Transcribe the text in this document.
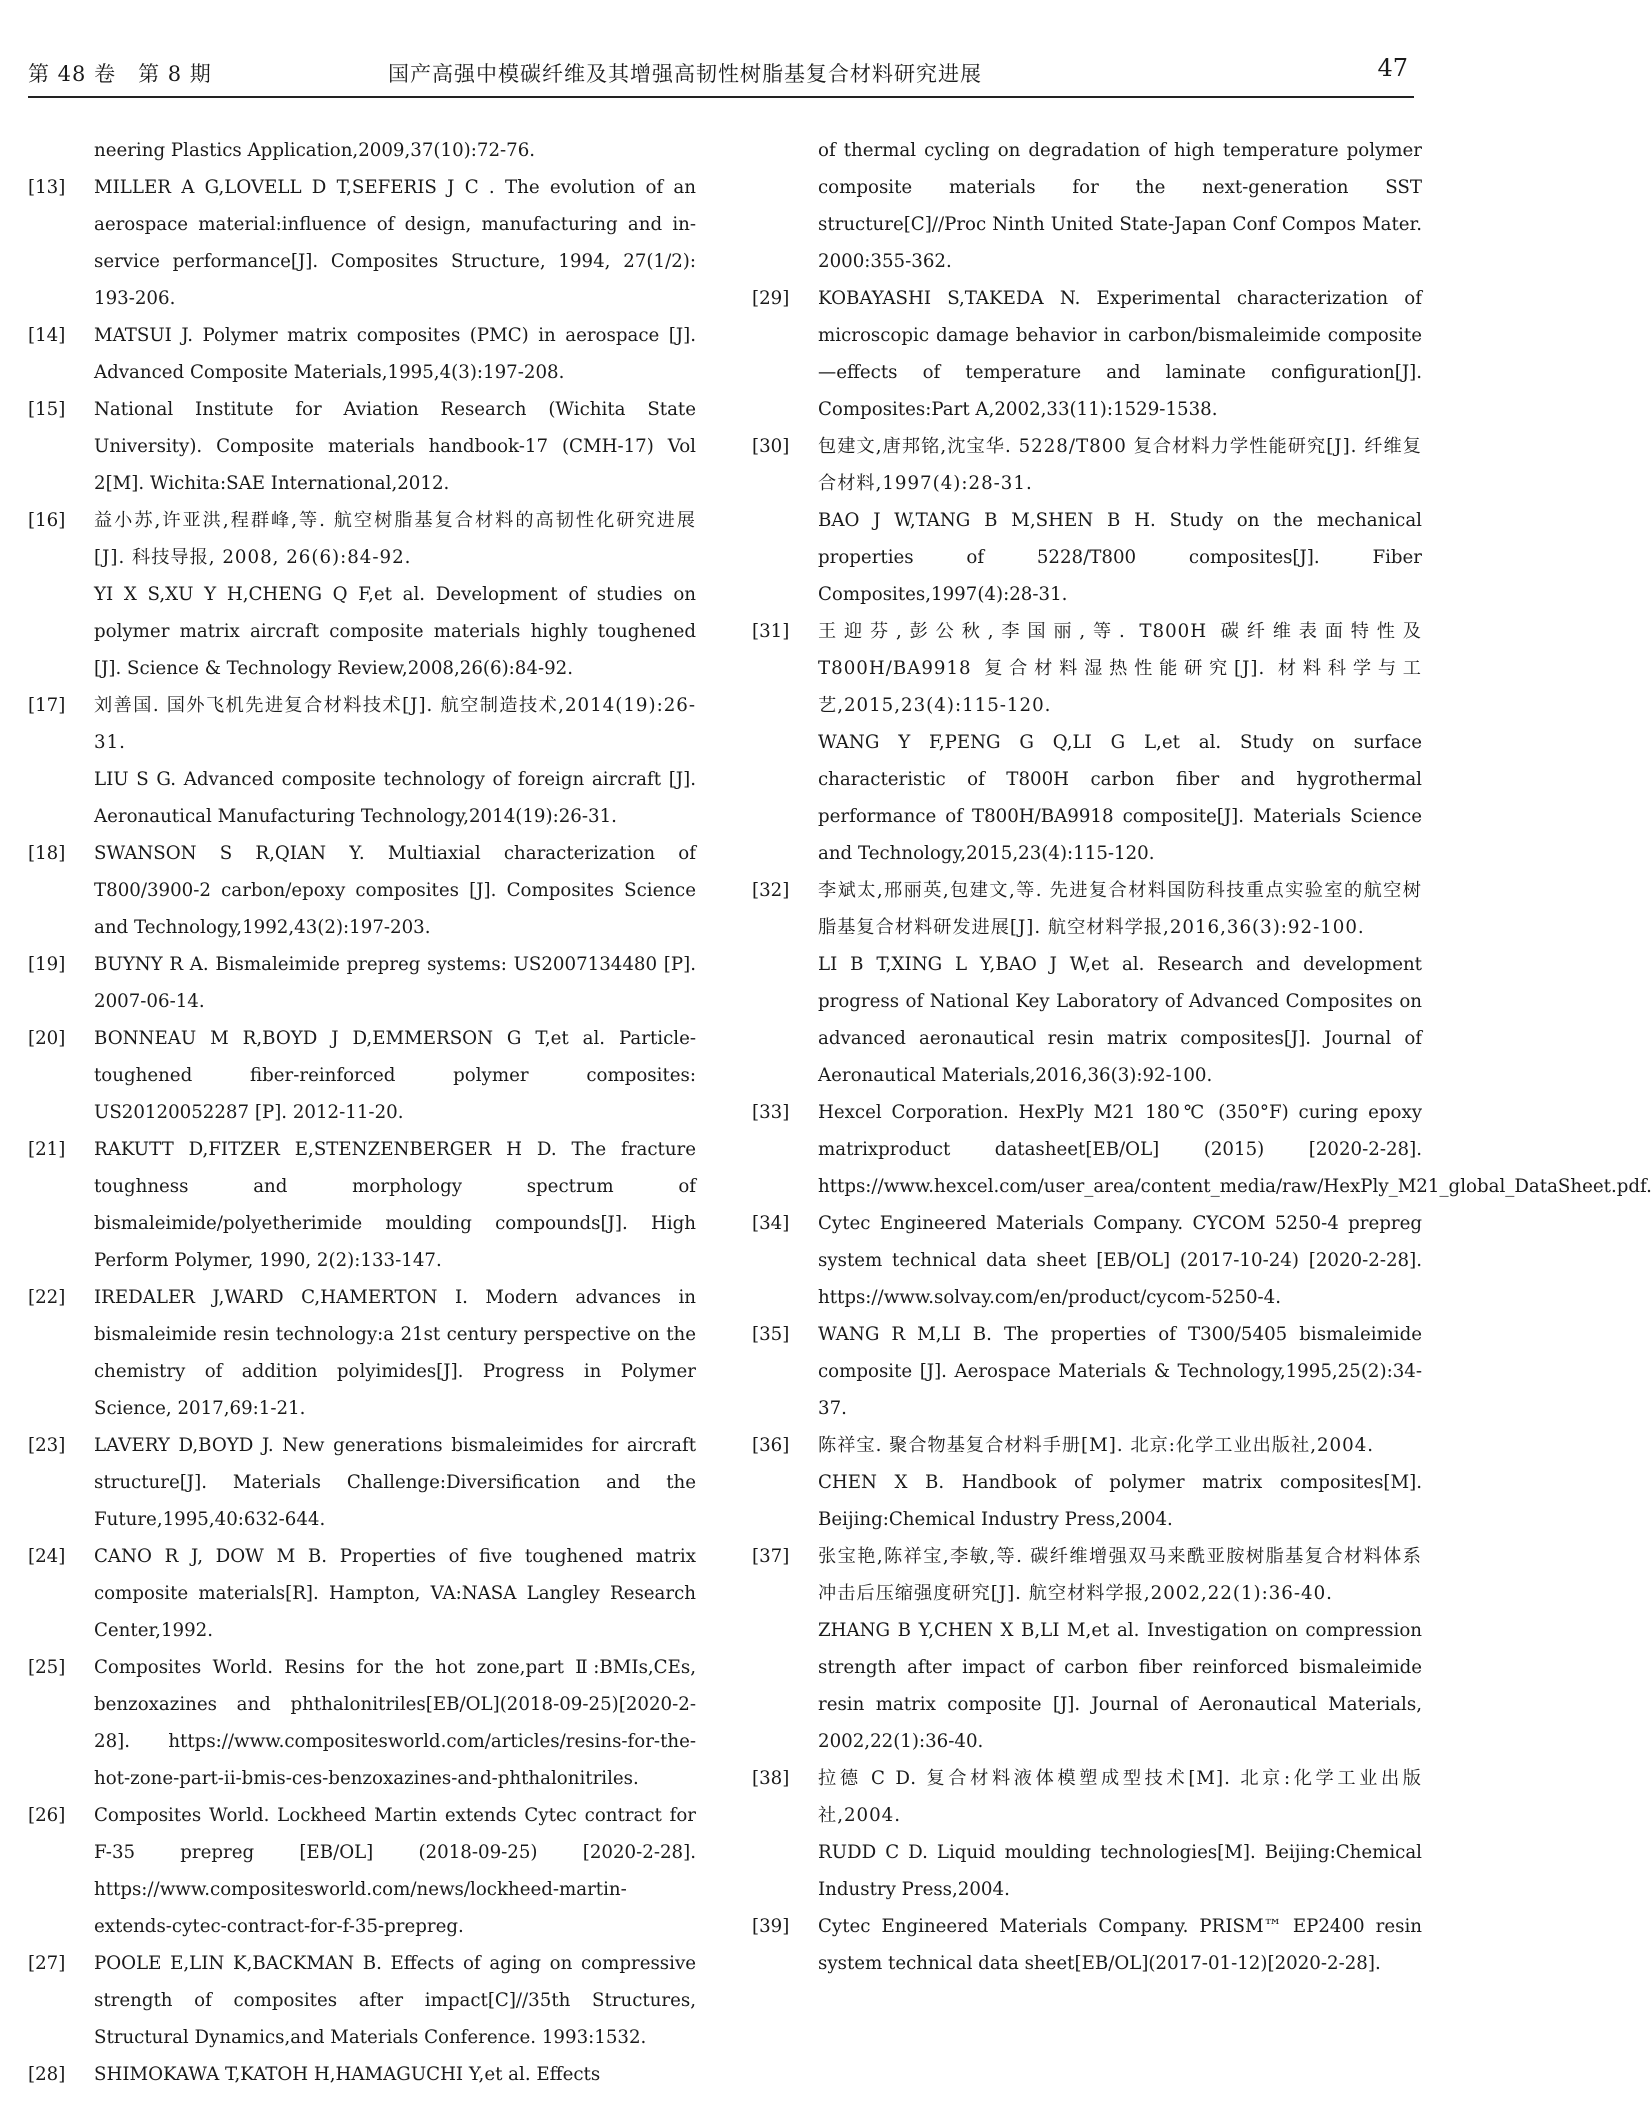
第 48 卷　第 8 期	国产高强中模碳纤维及其增强高韧性树脂基复合材料研究进展	47
neering Plastics Application,2009,37(10):72-76.
[13]	MILLER A G,LOVELL D T,SEFERIS J C . The evolution of an aerospace material:influence of design, manufacturing and in-service performance[J]. Composites Structure, 1994, 27(1/2): 193-206.
[14]	MATSUI J. Polymer matrix composites (PMC) in aerospace [J]. Advanced Composite Materials,1995,4(3):197-208.
[15]	National Institute for Aviation Research (Wichita State University). Composite materials handbook-17 (CMH-17) Vol 2[M]. Wichita:SAE International,2012.
[16]	益小苏,许亚洪,程群峰,等. 航空树脂基复合材料的高韧性化研究进展[J]. 科技导报, 2008, 26(6):84-92.
YI X S,XU Y H,CHENG Q F,et al. Development of studies on polymer matrix aircraft composite materials highly toughened [J]. Science & Technology Review,2008,26(6):84-92.
[17]	刘善国. 国外飞机先进复合材料技术[J]. 航空制造技术,2014(19):26-31.
LIU S G. Advanced composite technology of foreign aircraft [J]. Aeronautical Manufacturing Technology,2014(19):26-31.
[18]	SWANSON S R,QIAN Y. Multiaxial characterization of T800/3900-2 carbon/epoxy composites [J]. Composites Science and Technology,1992,43(2):197-203.
[19]	BUYNY R A. Bismaleimide prepreg systems: US2007134480 [P]. 2007-06-14.
[20]	BONNEAU M R,BOYD J D,EMMERSON G T,et al. Particle-toughened fiber-reinforced polymer composites: US20120052287 [P]. 2012-11-20.
[21]	RAKUTT D,FITZER E,STENZENBERGER H D. The fracture toughness and morphology spectrum of bismaleimide/polyetherimide moulding compounds[J]. High Perform Polymer, 1990, 2(2):133-147.
[22]	IREDALER J,WARD C,HAMERTON I. Modern advances in bismaleimide resin technology:a 21st century perspective on the chemistry of addition polyimides[J]. Progress in Polymer Science, 2017,69:1-21.
[23]	LAVERY D,BOYD J. New generations bismaleimides for aircraft structure[J]. Materials Challenge:Diversification and the Future,1995,40:632-644.
[24]	CANO R J, DOW M B. Properties of five toughened matrix composite materials[R]. Hampton, VA:NASA Langley Research Center,1992.
[25]	Composites World. Resins for the hot zone,part Ⅱ:BMIs,CEs, benzoxazines and phthalonitriles[EB/OL](2018-09-25)[2020-2-28]. https://www.compositesworld.com/articles/resins-for-the-hot-zone-part-ii-bmis-ces-benzoxazines-and-phthalonitriles.
[26]	Composites World. Lockheed Martin extends Cytec contract for F-35 prepreg [EB/OL] (2018-09-25) [2020-2-28]. https://www.compositesworld.com/news/lockheed-martin-extends-cytec-contract-for-f-35-prepreg.
[27]	POOLE E,LIN K,BACKMAN B. Effects of aging on compressive strength of composites after impact[C]//35th Structures, Structural Dynamics,and Materials Conference. 1993:1532.
[28]	SHIMOKAWA T,KATOH H,HAMAGUCHI Y,et al. Effects
of thermal cycling on degradation of high temperature polymer composite materials for the next-generation SST structure[C]//Proc Ninth United State-Japan Conf Compos Mater. 2000:355-362.
[29]	KOBAYASHI S,TAKEDA N. Experimental characterization of microscopic damage behavior in carbon/bismaleimide composite—effects of temperature and laminate configuration[J]. Composites:Part A,2002,33(11):1529-1538.
[30]	包建文,唐邦铭,沈宝华. 5228/T800 复合材料力学性能研究[J]. 纤维复合材料,1997(4):28-31.
BAO J W,TANG B M,SHEN B H. Study on the mechanical properties of 5228/T800 composites[J]. Fiber Composites,1997(4):28-31.
[31]	王迎芬,彭公秋,李国丽,等. T800H 碳纤维表面特性及 T800H/BA9918 复合材料湿热性能研究[J]. 材料科学与工艺,2015,23(4):115-120.
WANG Y F,PENG G Q,LI G L,et al. Study on surface characteristic of T800H carbon fiber and hygrothermal performance of T800H/BA9918 composite[J]. Materials Science and Technology,2015,23(4):115-120.
[32]	李斌太,邢丽英,包建文,等. 先进复合材料国防科技重点实验室的航空树脂基复合材料研发进展[J]. 航空材料学报,2016,36(3):92-100.
LI B T,XING L Y,BAO J W,et al. Research and development progress of National Key Laboratory of Advanced Composites on advanced aeronautical resin matrix composites[J]. Journal of Aeronautical Materials,2016,36(3):92-100.
[33]	Hexcel Corporation. HexPly M21 180℃ (350°F) curing epoxy matrixproduct datasheet[EB/OL] (2015) [2020-2-28]. https://www.hexcel.com/user_area/content_media/raw/HexPly_M21_global_DataSheet.pdf.
[34]	Cytec Engineered Materials Company. CYCOM 5250-4 prepreg system technical data sheet [EB/OL] (2017-10-24) [2020-2-28]. https://www.solvay.com/en/product/cycom-5250-4.
[35]	WANG R M,LI B. The properties of T300/5405 bismaleimide composite [J]. Aerospace Materials & Technology,1995,25(2):34-37.
[36]	陈祥宝. 聚合物基复合材料手册[M]. 北京:化学工业出版社,2004.
CHEN X B. Handbook of polymer matrix composites[M]. Beijing:Chemical Industry Press,2004.
[37]	张宝艳,陈祥宝,李敏,等. 碳纤维增强双马来酰亚胺树脂基复合材料体系冲击后压缩强度研究[J]. 航空材料学报,2002,22(1):36-40.
ZHANG B Y,CHEN X B,LI M,et al. Investigation on compression strength after impact of carbon fiber reinforced bismaleimide resin matrix composite [J]. Journal of Aeronautical Materials, 2002,22(1):36-40.
[38]	拉德 C D. 复合材料液体模塑成型技术[M]. 北京:化学工业出版社,2004.
RUDD C D. Liquid moulding technologies[M]. Beijing:Chemical Industry Press,2004.
[39]	Cytec Engineered Materials Company. PRISM™ EP2400 resin system technical data sheet[EB/OL](2017-01-12)[2020-2-28].
